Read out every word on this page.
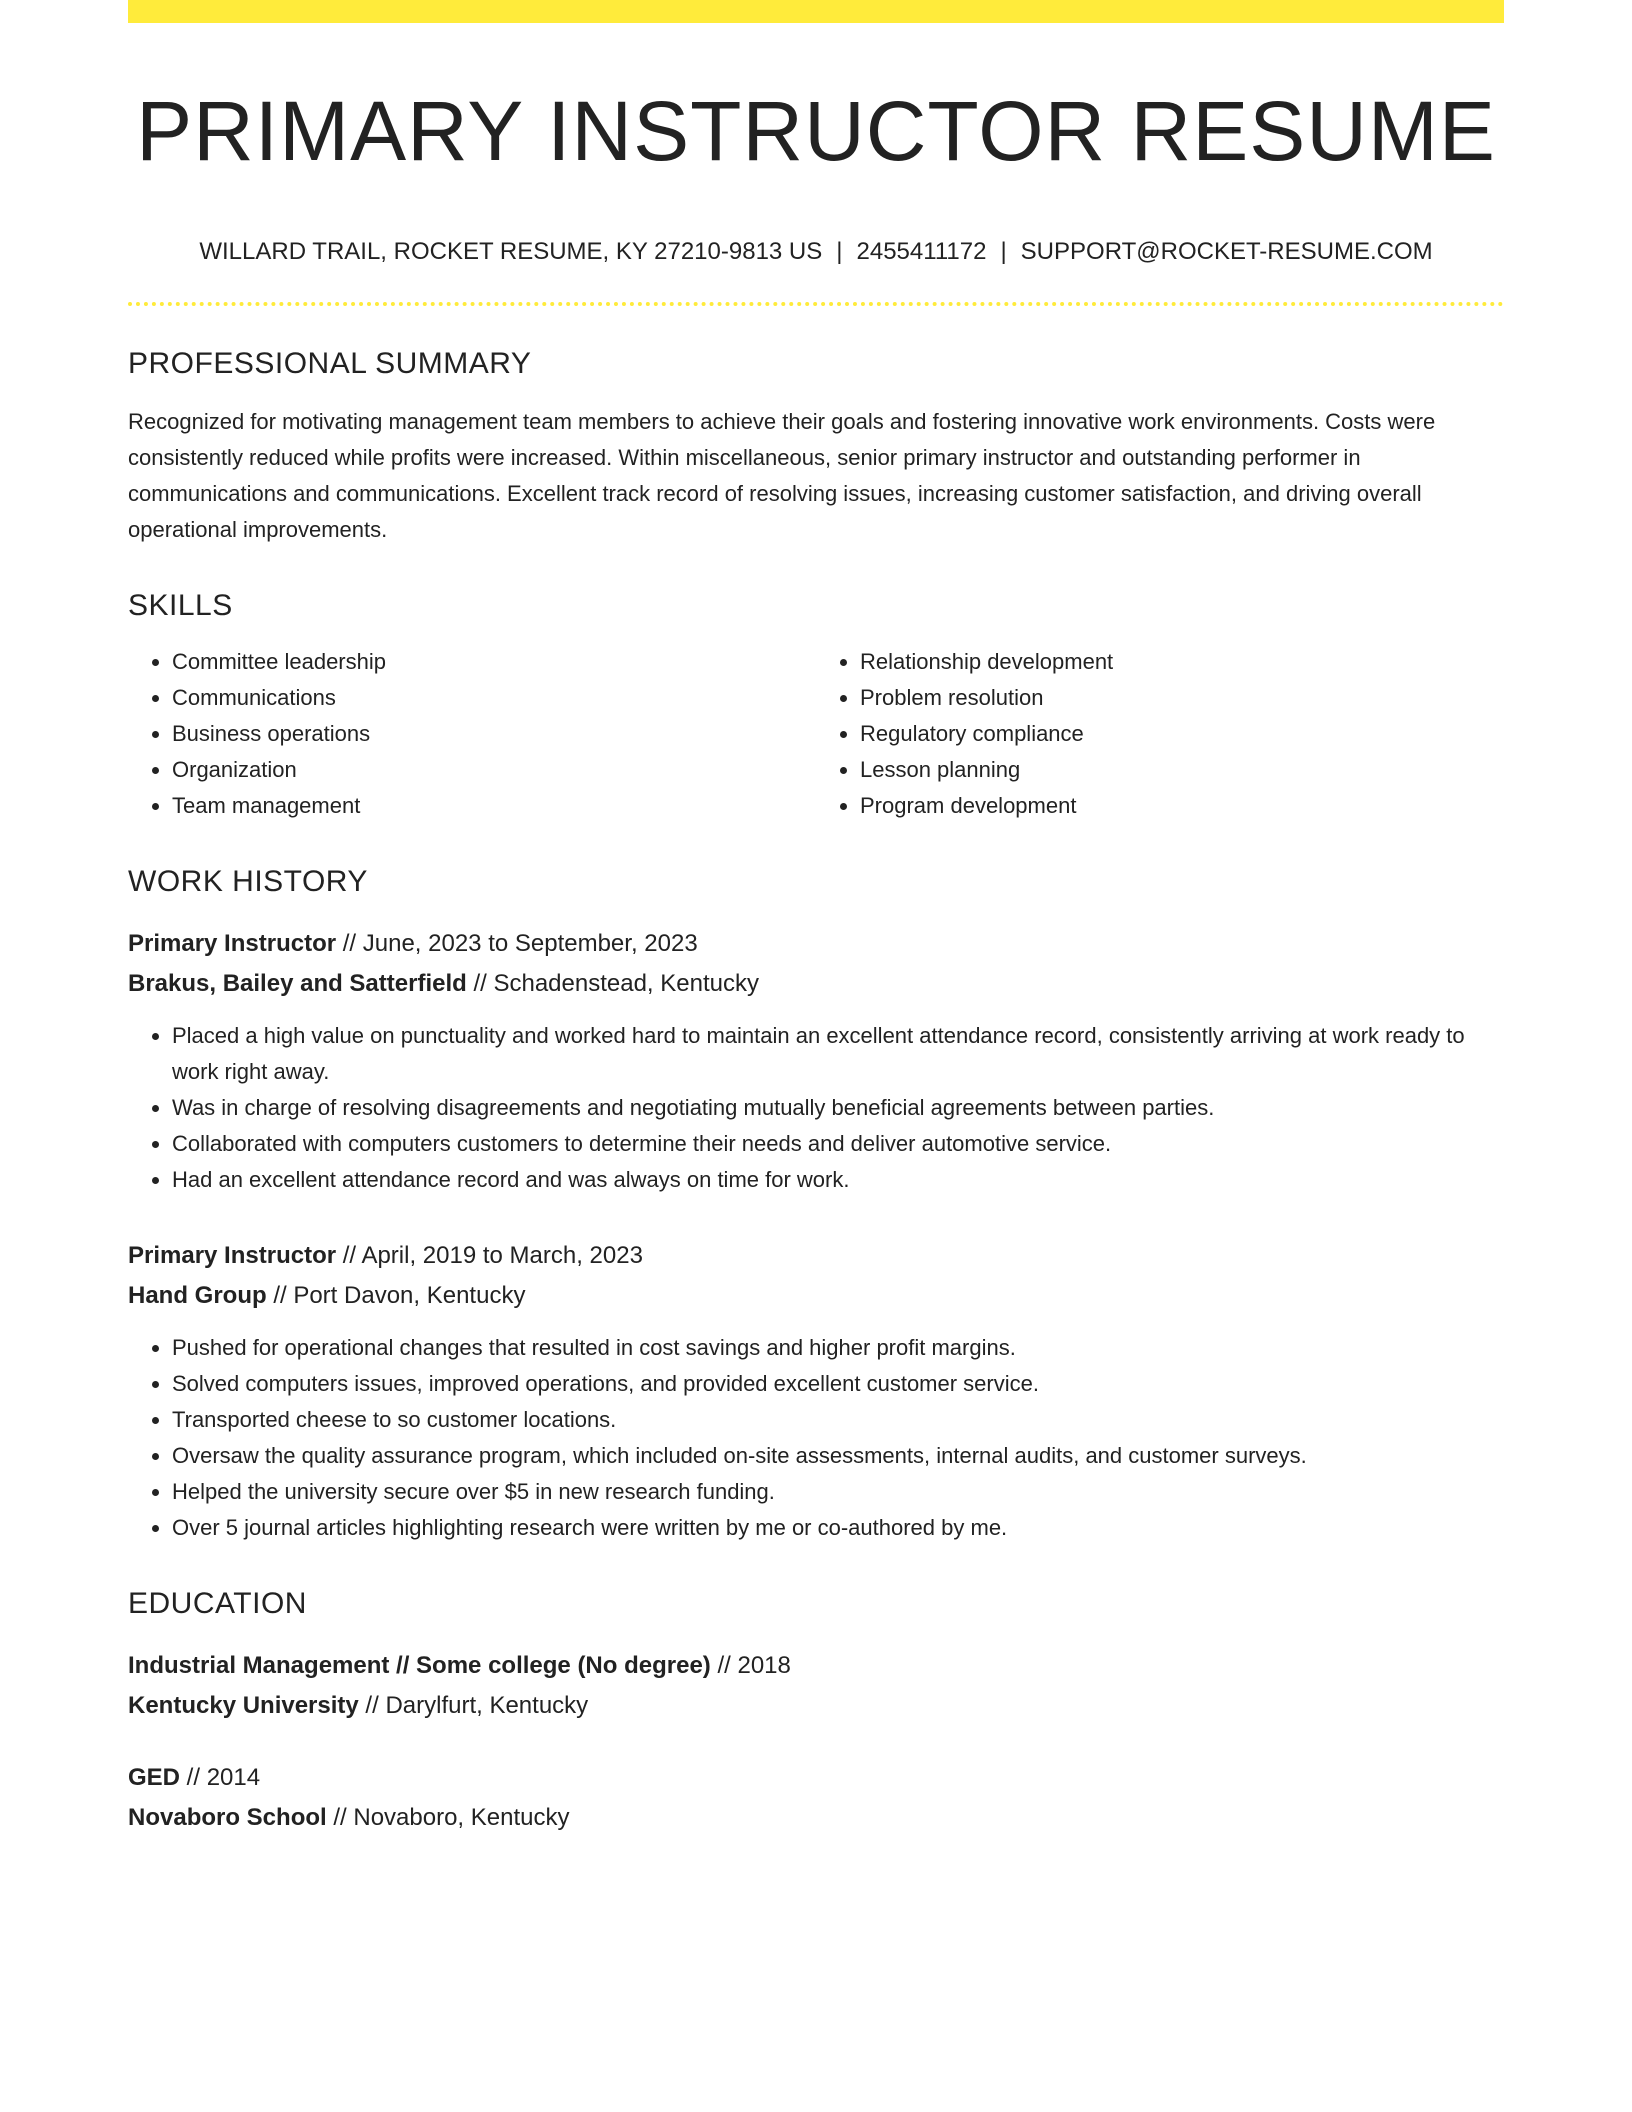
PRIMARY INSTRUCTOR RESUME
WILLARD TRAIL, ROCKET RESUME, KY 27210-9813 US | 2455411172 | SUPPORT@ROCKET-RESUME.COM
PROFESSIONAL SUMMARY

Recognized for motivating management team members to achieve their goals and fostering innovative work environments. Costs were consistently reduced while profits were increased. Within miscellaneous, senior primary instructor and outstanding performer in communications and communications. Excellent track record of resolving issues, increasing customer satisfaction, and driving overall operational improvements.

SKILLS
• Committee leadership
• Communications
• Business operations
• Organization
• Team management
• Relationship development
• Problem resolution
• Regulatory compliance
• Lesson planning
• Program development
WORK HISTORY
Primary Instructor // June, 2023 to September, 2023
Brakus, Bailey and Satterfield // Schadenstead, Kentucky
• Placed a high value on punctuality and worked hard to maintain an excellent attendance record, consistently arriving at work ready to work right away.
• Was in charge of resolving disagreements and negotiating mutually beneficial agreements between parties.
• Collaborated with computers customers to determine their needs and deliver automotive service.
• Had an excellent attendance record and was always on time for work.
Primary Instructor // April, 2019 to March, 2023
Hand Group // Port Davon, Kentucky
• Pushed for operational changes that resulted in cost savings and higher profit margins.
• Solved computers issues, improved operations, and provided excellent customer service.
• Transported cheese to so customer locations.
• Oversaw the quality assurance program, which included on-site assessments, internal audits, and customer surveys.
• Helped the university secure over $5 in new research funding.
• Over 5 journal articles highlighting research were written by me or co-authored by me.
EDUCATION
Industrial Management // Some college (No degree) // 2018
Kentucky University // Darylfurt, Kentucky
GED // 2014
Novaboro School // Novaboro, Kentucky
